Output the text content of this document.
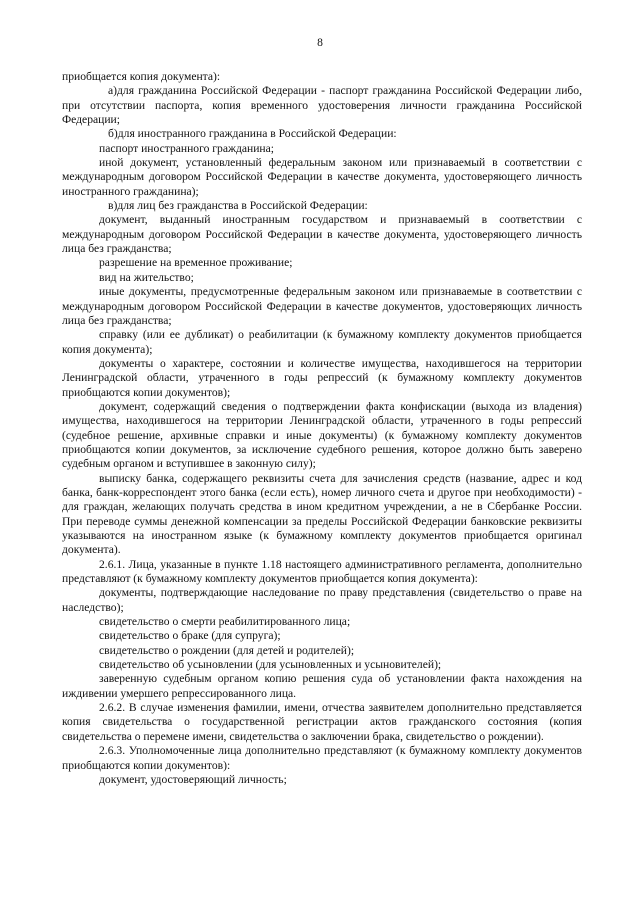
8

приобщается копия документа):

а)для гражданина Российской Федерации - паспорт гражданина Российской Федерации либо, при отсутствии паспорта, копия временного удостоверения личности гражданина Российской Федерации;

б)для иностранного гражданина в Российской Федерации:

паспорт иностранного гражданина;

иной документ, установленный федеральным законом или признаваемый в соответствии с международным договором Российской Федерации в качестве документа, удостоверяющего личность иностранного гражданина);

в)для лиц без гражданства в Российской Федерации:

документ, выданный иностранным государством и признаваемый в соответствии с международным договором Российской Федерации в качестве документа, удостоверяющего личность лица без гражданства;

разрешение на временное проживание;

вид на жительство;

иные документы, предусмотренные федеральным законом или признаваемые в соответствии с международным договором Российской Федерации в качестве документов, удостоверяющих личность лица без гражданства;

справку (или ее дубликат) о реабилитации (к бумажному комплекту документов приобщается копия документа);

документы о характере, состоянии и количестве имущества, находившегося на территории Ленинградской области, утраченного в годы репрессий (к бумажному комплекту документов приобщаются копии документов);

документ, содержащий сведения о подтверждении факта конфискации (выхода из владения) имущества, находившегося на территории Ленинградской области, утраченного в годы репрессий (судебное решение, архивные справки и иные документы) (к бумажному комплекту документов приобщаются копии документов, за исключение судебного решения, которое должно быть заверено судебным органом и вступившее в законную силу);

выписку банка, содержащего реквизиты счета для зачисления средств (название, адрес и код банка, банк-корреспондент этого банка (если есть), номер личного счета и другое при необходимости) - для граждан, желающих получать средства в ином кредитном учреждении, а не в Сбербанке России. При переводе суммы денежной компенсации за пределы Российской Федерации банковские реквизиты указываются на иностранном языке (к бумажному комплекту документов приобщается оригинал документа).

2.6.1. Лица, указанные в пункте 1.18 настоящего административного регламента, дополнительно представляют (к бумажному комплекту документов приобщается копия документа):

документы, подтверждающие наследование по праву представления (свидетельство о праве на наследство);

свидетельство о смерти реабилитированного лица;

свидетельство о браке (для супруга);

свидетельство о рождении (для детей и родителей);

свидетельство об усыновлении (для усыновленных и усыновителей);

заверенную судебным органом копию решения суда об установлении факта нахождения на иждивении умершего репрессированного лица.

2.6.2. В случае изменения фамилии, имени, отчества заявителем дополнительно представляется копия свидетельства о государственной регистрации актов гражданского состояния (копия свидетельства о перемене имени, свидетельства о заключении брака, свидетельство о рождении).

2.6.3. Уполномоченные лица дополнительно представляют (к бумажному комплекту документов приобщаются копии документов):

документ, удостоверяющий личность;
